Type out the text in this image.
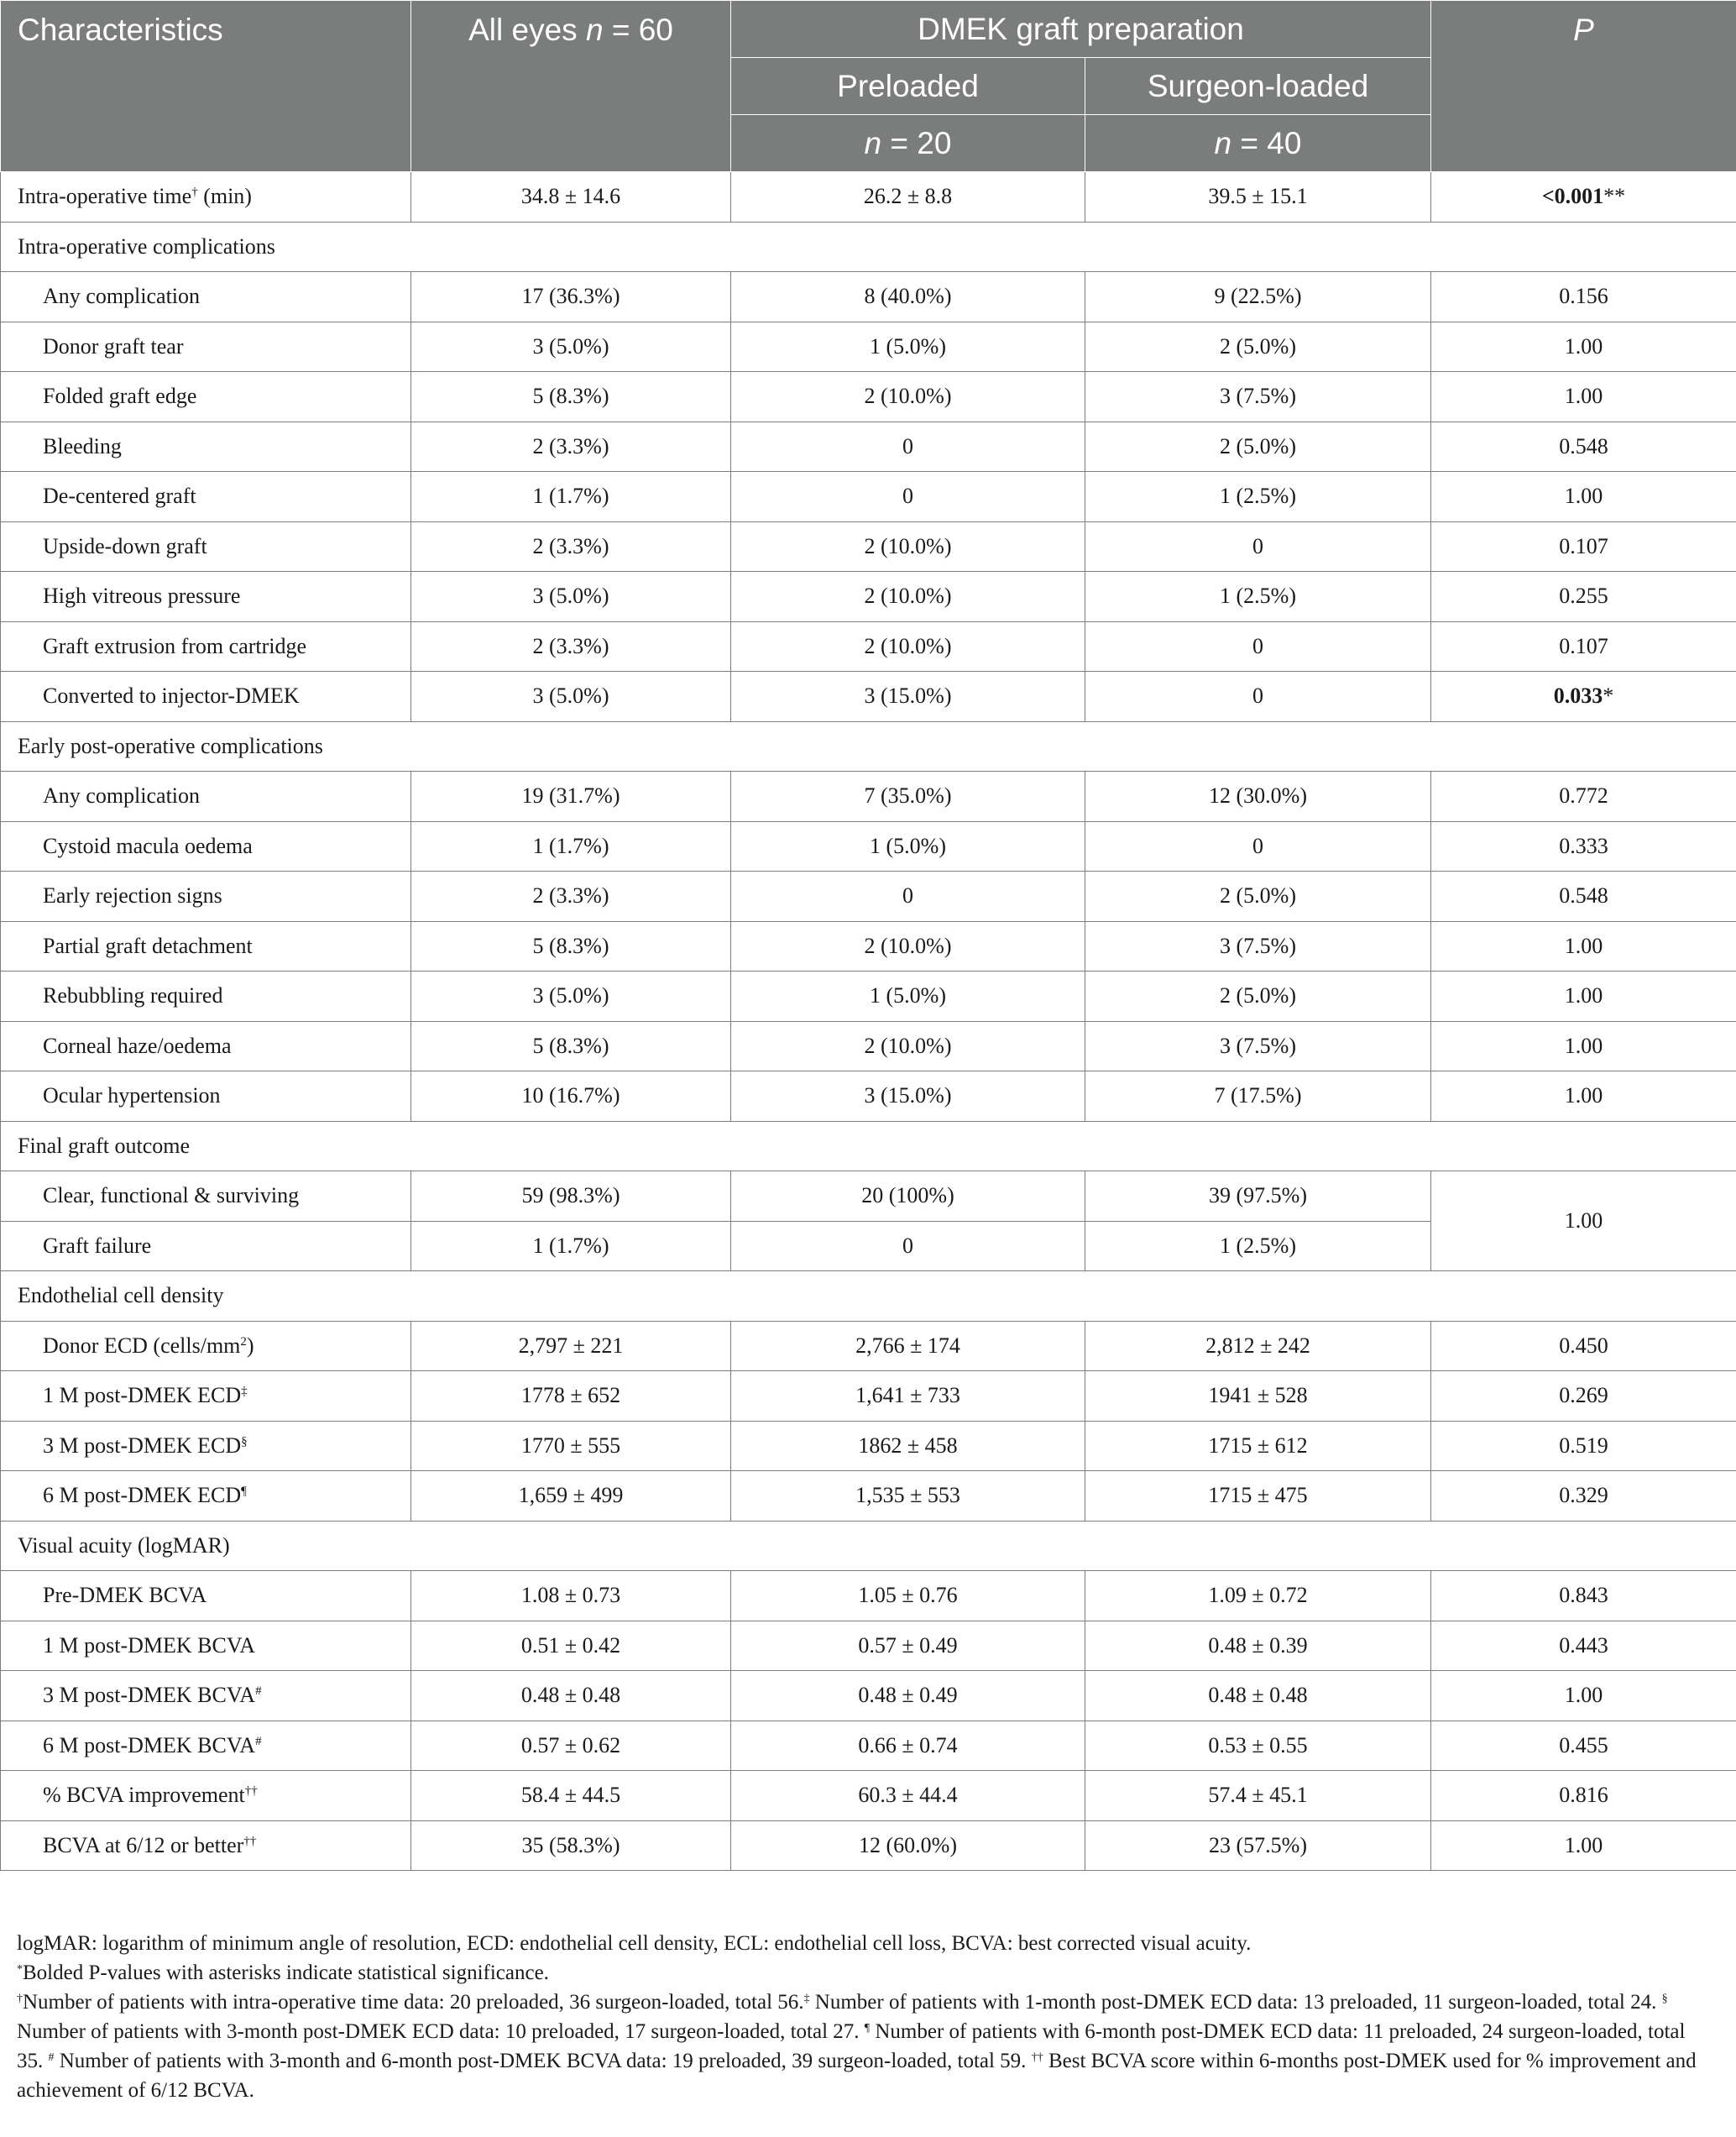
Characteristics	All eyes n = 60	DMEK graft preparation		P
		Preloaded	Surgeon-loaded	
		n = 20	n = 40	
Intra-operative time† (min)	34.8 ± 14.6	26.2 ± 8.8	39.5 ± 15.1	<0.001**
Intra-operative complications				
Any complication	17 (36.3%)	8 (40.0%)	9 (22.5%)	0.156
Donor graft tear	3 (5.0%)	1 (5.0%)	2 (5.0%)	1.00
Folded graft edge	5 (8.3%)	2 (10.0%)	3 (7.5%)	1.00
Bleeding	2 (3.3%)	0	2 (5.0%)	0.548
De-centered graft	1 (1.7%)	0	1 (2.5%)	1.00
Upside-down graft	2 (3.3%)	2 (10.0%)	0	0.107
High vitreous pressure	3 (5.0%)	2 (10.0%)	1 (2.5%)	0.255
Graft extrusion from cartridge	2 (3.3%)	2 (10.0%)	0	0.107
Converted to injector-DMEK	3 (5.0%)	3 (15.0%)	0	0.033*
Early post-operative complications				
Any complication	19 (31.7%)	7 (35.0%)	12 (30.0%)	0.772
Cystoid macula oedema	1 (1.7%)	1 (5.0%)	0	0.333
Early rejection signs	2 (3.3%)	0	2 (5.0%)	0.548
Partial graft detachment	5 (8.3%)	2 (10.0%)	3 (7.5%)	1.00
Rebubbling required	3 (5.0%)	1 (5.0%)	2 (5.0%)	1.00
Corneal haze/oedema	5 (8.3%)	2 (10.0%)	3 (7.5%)	1.00
Ocular hypertension	10 (16.7%)	3 (15.0%)	7 (17.5%)	1.00
Final graft outcome				
Clear, functional & surviving	59 (98.3%)	20 (100%)	39 (97.5%)	1.00
Graft failure	1 (1.7%)	0	1 (2.5%)	
Endothelial cell density				
Donor ECD $(cells/mm^2)$	2,797 ± 221	2,766 ± 174	2,812 ± 242	0.450
1 M post-DMEK ECD‡	1778 ± 652	1,641 ± 733	1941 ± 528	0.269
3 M post-DMEK ECD§	1770 ± 555	1862 ± 458	1715 ± 612	0.519
6 M post-DMEK ECD¶	1,659 ± 499	1,535 ± 553	1715 ± 475	0.329
Visual acuity (logMAR)				
Pre-DMEK BCVA	1.08 ± 0.73	1.05 ± 0.76	1.09 ± 0.72	0.843
1 M post-DMEK BCVA	0.51 ± 0.42	0.57 ± 0.49	0.48 ± 0.39	0.443
3 M post-DMEK BCVA#	0.48 ± 0.48	0.48 ± 0.49	0.48 ± 0.48	1.00
6 M post-DMEK BCVA#	0.57 ± 0.62	0.66 ± 0.74	0.53 ± 0.55	0.455
% BCVA improvement††	58.4 ± 44.5	60.3 ± 44.4	57.4 ± 45.1	0.816
BCVA at 6/12 or better††	35 (58.3%)	12 (60.0%)	23 (57.5%)	1.00

logMAR: logarithm of minimum angle of resolution, ECD: endothelial cell density, ECL: endothelial cell loss, BCVA: best corrected visual acuity.

*Bolded P-values with asterisks indicate statistical significance.

†Number of patients with intra-operative time data: 20 preloaded, 36 surgeon-loaded, total 56.‡ Number of patients with 1-month post-DMEK ECD data: 13 preloaded, 11 surgeon-loaded, total 24. § Number of patients with 3-month post-DMEK ECD data: 10 preloaded, 17 surgeon-loaded, total 27. ¶ Number of patients with 6-month post-DMEK ECD data: 11 preloaded, 24 surgeon-loaded, total 35. # Number of patients with 3-month and 6-month post-DMEK BCVA data: 19 preloaded, 39 surgeon-loaded, total 59. †† Best BCVA score within 6-months post-DMEK used for % improvement and achievement of 6/12 BCVA.
